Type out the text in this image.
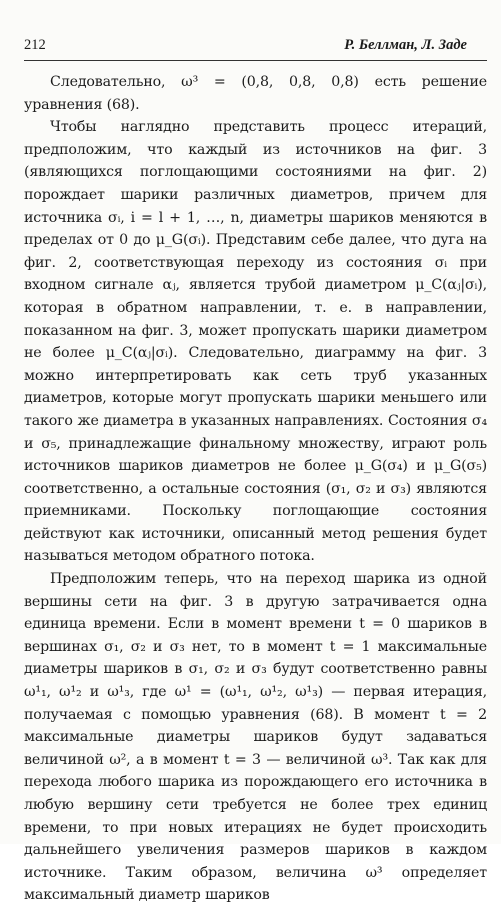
212	Р. Беллман, Л. Заде

Следовательно, ω³ = (0,8, 0,8, 0,8) есть решение уравнения (68).

Чтобы наглядно представить процесс итераций, предположим, что каждый из источников на фиг. 3 (являющихся поглощающими состояниями на фиг. 2) порождает шарики различных диаметров, причем для источника σᵢ, i = l + 1, …, n, диаметры шариков меняются в пределах от 0 до μ_G(σᵢ). Представим себе далее, что дуга на фиг. 2, соответствующая переходу из состояния σᵢ при входном сигнале αⱼ, является трубой диаметром μ_C(αⱼ|σᵢ), которая в обратном направлении, т. е. в направлении, показанном на фиг. 3, может пропускать шарики диаметром не более μ_C(αⱼ|σᵢ). Следовательно, диаграмму на фиг. 3 можно интерпретировать как сеть труб указанных диаметров, которые могут пропускать шарики меньшего или такого же диаметра в указанных направлениях. Состояния σ₄ и σ₅, принадлежащие финальному множеству, играют роль источников шариков диаметров не более μ_G(σ₄) и μ_G(σ₅) соответственно, а остальные состояния (σ₁, σ₂ и σ₃) являются приемниками. Поскольку поглощающие состояния действуют как источники, описанный метод решения будет называться методом обратного потока.

Предположим теперь, что на переход шарика из одной вершины сети на фиг. 3 в другую затрачивается одна единица времени. Если в момент времени t = 0 шариков в вершинах σ₁, σ₂ и σ₃ нет, то в момент t = 1 максимальные диаметры шариков в σ₁, σ₂ и σ₃ будут соответственно равны ω¹₁, ω¹₂ и ω¹₃, где ω¹ = (ω¹₁, ω¹₂, ω¹₃) — первая итерация, получаемая с помощью уравнения (68). В момент t = 2 максимальные диаметры шариков будут задаваться величиной ω², а в момент t = 3 — величиной ω³. Так как для перехода любого шарика из порождающего его источника в любую вершину сети требуется не более трех единиц времени, то при новых итерациях не будет происходить дальнейшего увеличения размеров шариков в каждом источнике. Таким образом, величина ω³ определяет максимальный диаметр шариков
